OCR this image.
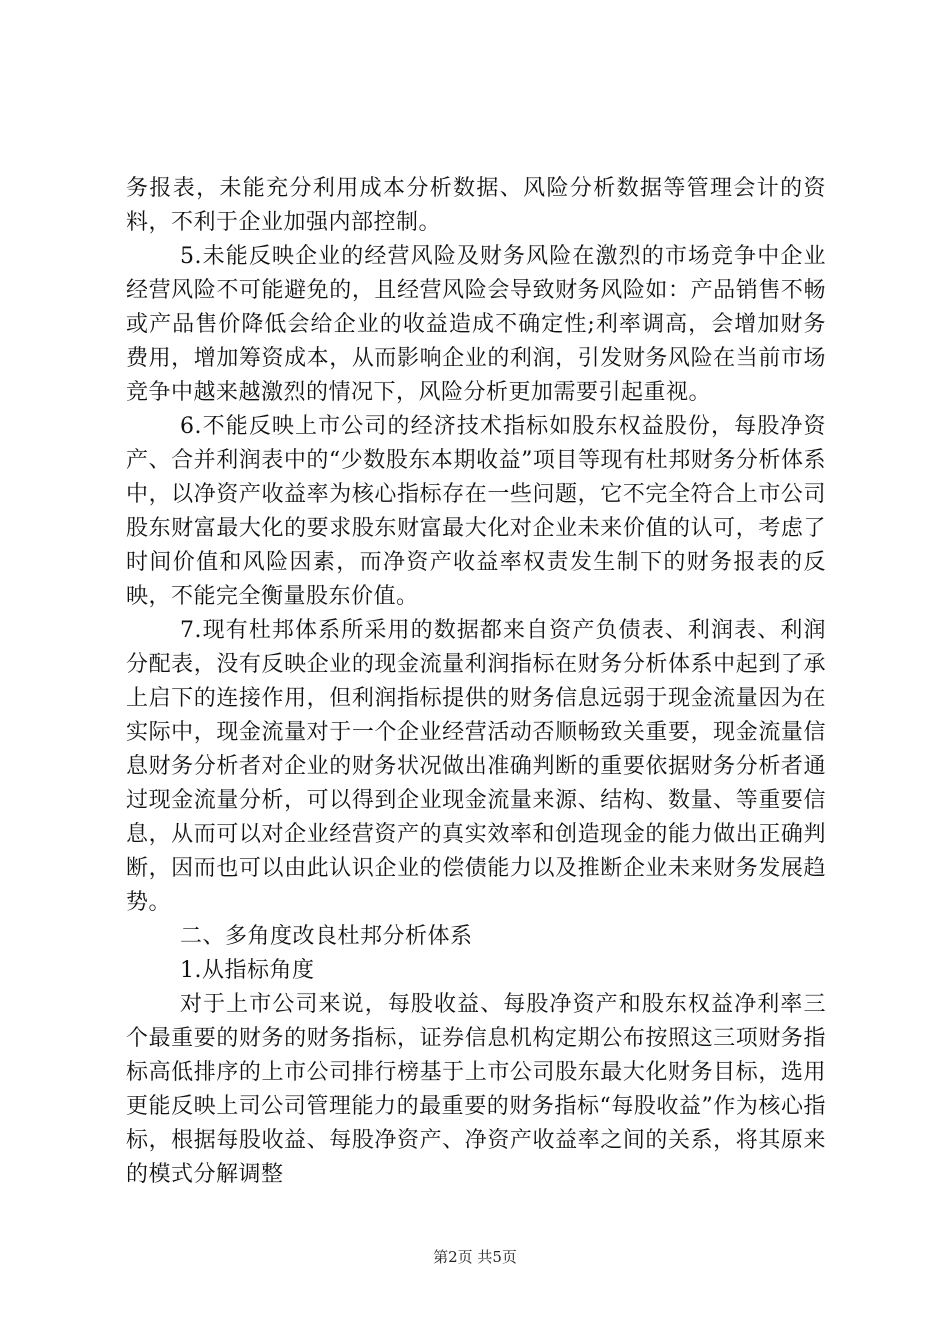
务报表，未能充分利用成本分析数据、风险分析数据等管理会计的资料，不利于企业加强内部控制。

5.未能反映企业的经营风险及财务风险在激烈的市场竞争中企业经营风险不可能避免的，且经营风险会导致财务风险如：产品销售不畅或产品售价降低会给企业的收益造成不确定性;利率调高，会增加财务费用，增加筹资成本，从而影响企业的利润，引发财务风险在当前市场竞争中越来越激烈的情况下，风险分析更加需要引起重视。

6.不能反映上市公司的经济技术指标如股东权益股份，每股净资产、合并利润表中的“少数股东本期收益”项目等现有杜邦财务分析体系中，以净资产收益率为核心指标存在一些问题，它不完全符合上市公司股东财富最大化的要求股东财富最大化对企业未来价值的认可，考虑了时间价值和风险因素，而净资产收益率权责发生制下的财务报表的反映，不能完全衡量股东价值。

7.现有杜邦体系所采用的数据都来自资产负债表、利润表、利润分配表，没有反映企业的现金流量利润指标在财务分析体系中起到了承上启下的连接作用，但利润指标提供的财务信息远弱于现金流量因为在实际中，现金流量对于一个企业经营活动否顺畅致关重要，现金流量信息财务分析者对企业的财务状况做出准确判断的重要依据财务分析者通过现金流量分析，可以得到企业现金流量来源、结构、数量、等重要信息，从而可以对企业经营资产的真实效率和创造现金的能力做出正确判断，因而也可以由此认识企业的偿债能力以及推断企业未来财务发展趋势。

二、多角度改良杜邦分析体系

1.从指标角度

对于上市公司来说，每股收益、每股净资产和股东权益净利率三个最重要的财务的财务指标，证券信息机构定期公布按照这三项财务指标高低排序的上市公司排行榜基于上市公司股东最大化财务目标，选用更能反映上司公司管理能力的最重要的财务指标“每股收益”作为核心指标，根据每股收益、每股净资产、净资产收益率之间的关系，将其原来的模式分解调整

第2页 共5页
